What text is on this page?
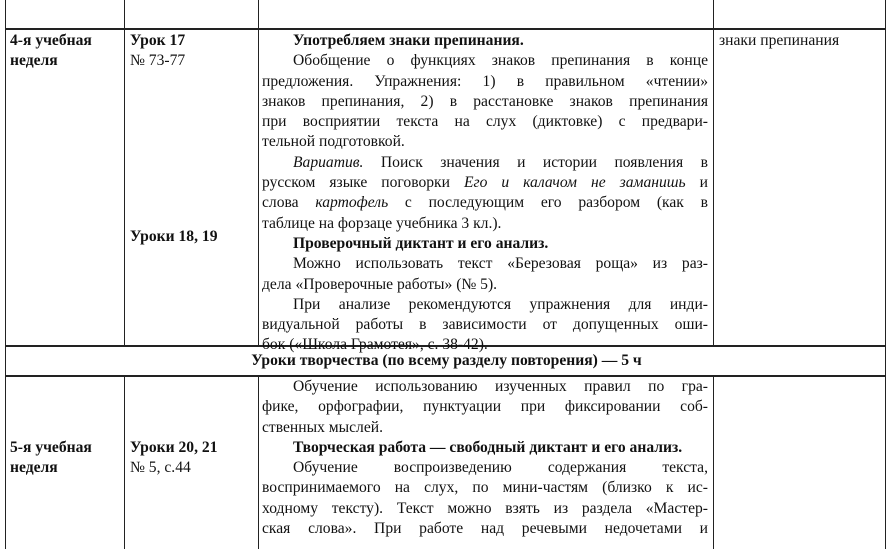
4-я учебная
неделя
Урок 17
№ 73-77
Уроки 18, 19
знаки препинания
Употребляем знаки препинания.
Обобщение о функциях знаков препинания в конце
предложения. Упражнения: 1) в правильном «чтении»
знаков препинания, 2) в расстановке знаков препинания
при восприятии текста на слух (диктовке) с предвари-
тельной подготовкой.
Вариатив. Поиск значения и истории появления в
русском языке поговорки Его и калачом не заманишь и
слова картофель с последующим его разбором (как в
таблице на форзаце учебника 3 кл.).
Проверочный диктант и его анализ.
Можно использовать текст «Березовая роща» из раз-
дела «Проверочные работы» (№ 5).
При анализе рекомендуются упражнения для инди-
видуальной работы в зависимости от допущенных оши-
бок («Школа Грамотея», с. 38-42).
Уроки творчества (по всему разделу повторения) — 5 ч
5-я учебная
неделя
Уроки 20, 21
№ 5, с.44
Обучение использованию изученных правил по гра-
фике, орфографии, пунктуации при фиксировании соб-
ственных мыслей.
Творческая работа — свободный диктант и его анализ.
Обучение воспроизведению содержания текста,
воспринимаемого на слух, по мини-частям (близко к ис-
ходному тексту). Текст можно взять из раздела «Мастер-
ская слова». При работе над речевыми недочетами и
